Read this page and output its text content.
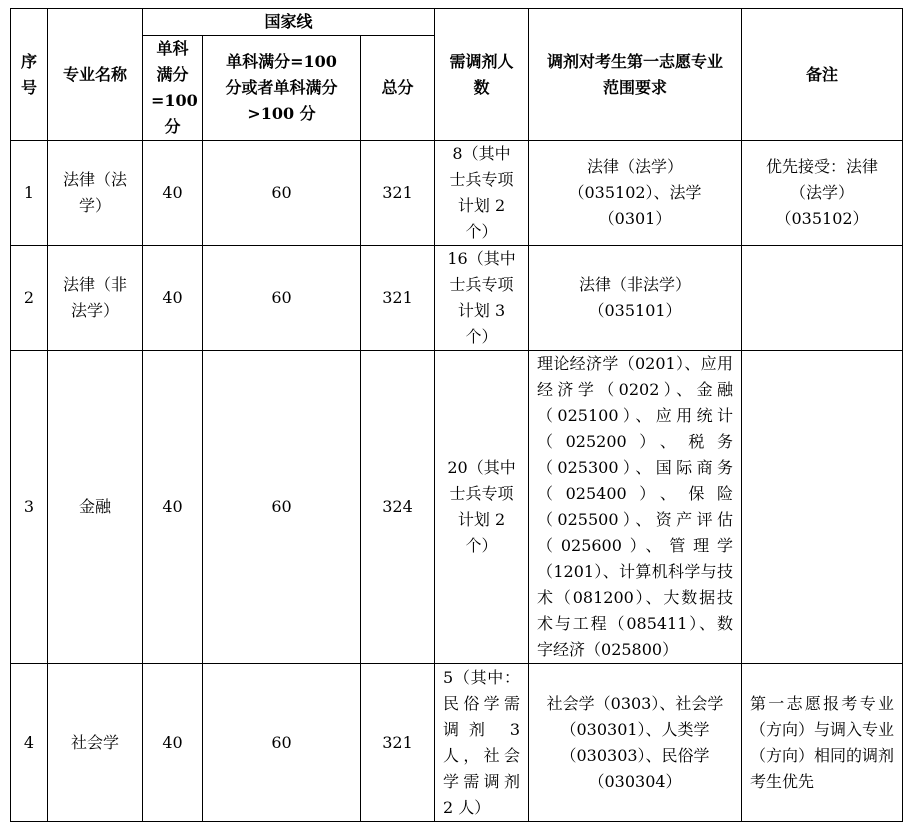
序号	专业名称	国家线			需调剂人数	调剂对考生第一志愿专业范围要求	备注
		单科满分=100分	单科满分=100 分或者单科满分>100 分	总分			
1	法律（法学）	40	60	321	8（其中士兵专项计划 2 个）	法律（法学）（035102）、法学（0301）	优先接受：法律（法学）（035102）
2	法律（非法学）	40	60	321	16（其中士兵专项计划 3 个）	法律（非法学）（035101）	
3	金融	40	60	324	20（其中士兵专项计划 2 个）	理论经济学（0201）、应用经济学（0202）、金融（025100）、应用统计（025200）、税务（025300）、国际商务（025400）、保险（025500）、资产评估（025600）、管理学（1201）、计算机科学与技术（081200）、大数据技术与工程（085411）、数字经济（025800）	
4	社会学	40	60	321	5（其中：民俗学需调剂 3 人，社会学需调剂 2 人）	社会学（0303）、社会学（030301）、人类学（030303）、民俗学（030304）	第一志愿报考专业（方向）与调入专业（方向）相同的调剂考生优先
